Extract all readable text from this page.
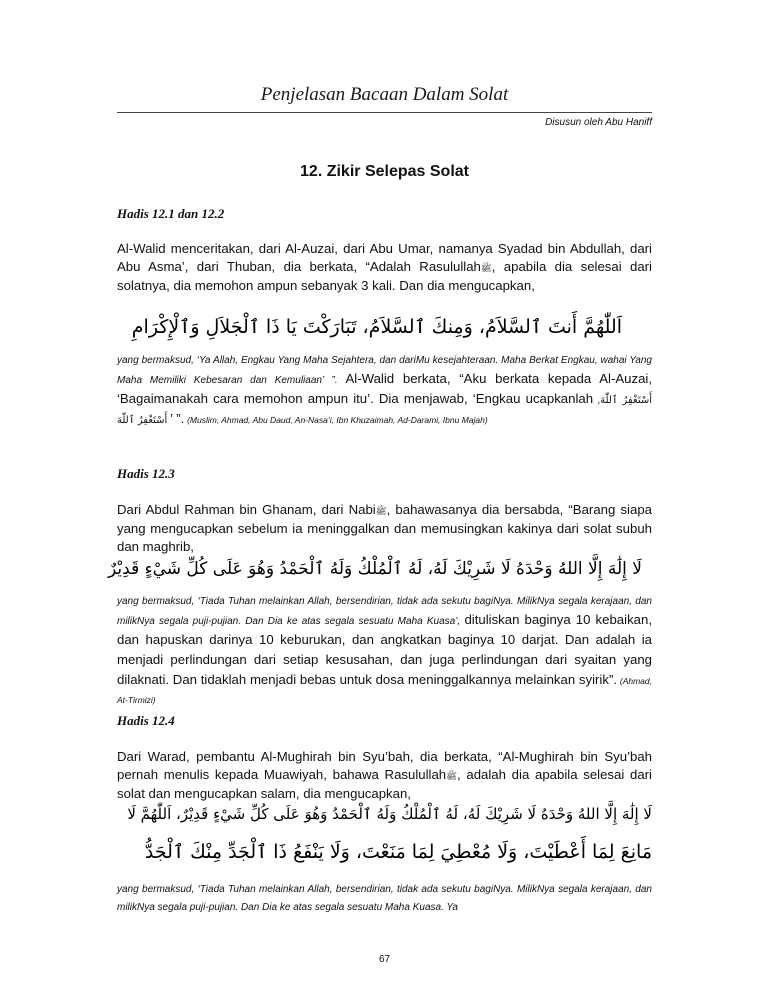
Penjelasan Bacaan Dalam Solat
Disusun oleh Abu Haniff
12. Zikir Selepas Solat
Hadis 12.1 dan 12.2

Al-Walid menceritakan, dari Al-Auzai, dari Abu Umar, namanya Syadad bin Abdullah, dari Abu Asma’, dari Thuban, dia berkata, “Adalah Rasulullahﷺ, apabila dia selesai dari solatnya, dia memohon ampun sebanyak 3 kali. Dan dia mengucapkan,

اَللّٰهُمَّ أَنتَ ٱلسَّلاَمُ، وَمِنكَ ٱلسَّلاَمُ، تَبَارَكْتَ يَا ذَا ٱلْجَلاَلِ وَٱلْإِكْرَامِ

yang bermaksud, ‘Ya Allah, Engkau Yang Maha Sejahtera, dan dariMu kesejahteraan. Maha Berkat Engkau, wahai Yang Maha Memiliki Kebesaran dan Kemuliaan’ ”. Al-Walid berkata, “Aku berkata kepada Al-Auzai, ‘Bagaimanakah cara memohon ampun itu’. Dia menjawab, ‘Engkau ucapkanlah أَسْتَغْفِرُ ٱللّٰهَ, أَسْتَغْفِرُ ٱللّٰهَ ’ ”. (Muslim, Ahmad, Abu Daud, An-Nasa’i, Ibn Khuzaimah, Ad-Darami, Ibnu Majah)

Hadis 12.3

Dari Abdul Rahman bin Ghanam, dari Nabiﷺ, bahawasanya dia bersabda, “Barang siapa yang mengucapkan sebelum ia meninggalkan dan memusingkan kakinya dari solat subuh dan maghrib,

لَا إِلَٰهَ إِلَّا اللهُ وَحْدَهُ لَا شَرِيْكَ لَهُ، لَهُ ٱلْمُلْكُ وَلَهُ ٱلْحَمْدُ وَهُوَ عَلَى كُلِّ شَيْءٍ قَدِيْرٌ

yang bermaksud, ‘Tiada Tuhan melainkan Allah, bersendirian, tidak ada sekutu bagiNya. MilikNya segala kerajaan, dan milikNya segala puji-pujian. Dan Dia ke atas segala sesuatu Maha Kuasa’, dituliskan baginya 10 kebaikan, dan hapuskan darinya 10 keburukan, dan angkatkan baginya 10 darjat. Dan adalah ia menjadi perlindungan dari setiap kesusahan, dan juga perlindungan dari syaitan yang dilaknati. Dan tidaklah menjadi bebas untuk dosa meninggalkannya melainkan syirik”. (Ahmad, At-Tirmizi)

Hadis 12.4

Dari Warad, pembantu Al-Mughirah bin Syu’bah, dia berkata, “Al-Mughirah bin Syu’bah pernah menulis kepada Muawiyah, bahawa Rasulullahﷺ, adalah dia apabila selesai dari solat dan mengucapkan salam, dia mengucapkan,

لَا إِلَٰهَ إِلَّا اللهُ وَحْدَهُ لَا شَرِيْكَ لَهُ، لَهُ ٱلْمُلْكُ وَلَهُ ٱلْحَمْدُ وَهُوَ عَلَى كُلِّ شَيْءٍ قَدِيْرٌ، اَللّٰهُمَّ لَا
مَانِعَ لِمَا أَعْطَيْتَ، وَلَا مُعْطِيَ لِمَا مَنَعْتَ، وَلَا يَنْفَعُ ذَا ٱلْجَدِّ مِنْكَ ٱلْجَدُّ

yang bermaksud, ‘Tiada Tuhan melainkan Allah, bersendirian, tidak ada sekutu bagiNya. MilikNya segala kerajaan, dan milikNya segala puji-pujian. Dan Dia ke atas segala sesuatu Maha Kuasa. Ya

67
